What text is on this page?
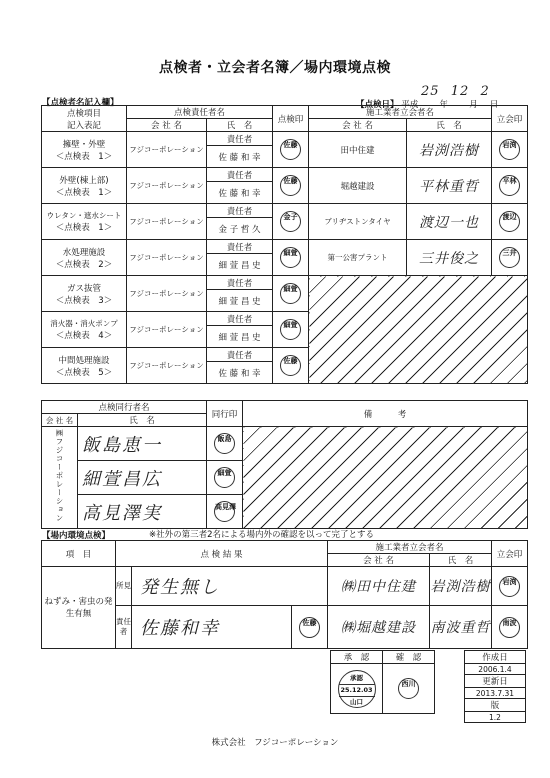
点検者・立会者名簿／場内環境点検
【点検者名記入欄】	【点検日】 平成 25年 12月 2日
点検項目
記入表記	点検責任者名		点検印	施工業者立会者名		立会印
	会 社 名	氏　名		会 社 名	氏　名	

擁壁・外壁
＜点検表　1＞	フジコーポレーション	責任者	佐藤	田中住建	岩渕浩樹	岩渕
		佐 藤 和 幸				

外壁(棟上部)
＜点検表　1＞	フジコーポレーション	責任者	佐藤	堀越建設	平林重哲	平林
		佐 藤 和 幸				

ウレタン・遮水シート
＜点検表　1＞	フジコーポレーション	責任者	金子	ブリヂストンタイヤ	渡辺一也	渡辺
		金 子 哲 久				

水処理施設
＜点検表　2＞	フジコーポレーション	責任者	細萱	第一公害プラント	三井俊之	三井
		細 萱 昌 史				

ガス抜管
＜点検表　3＞	フジコーポレーション	責任者	細萱			
		細 萱 昌 史				

消火器・消火ポンプ
＜点検表　4＞	フジコーポレーション	責任者	細萱			
		細 萱 昌 史				

中間処理施設
＜点検表　5＞	フジコーポレーション	責任者	佐藤			
		佐 藤 和 幸				
点検同行者名		同行印	備　　　考
会 社 名	氏　名		
㈱フジコーポレーション	飯島恵一	飯島	
	細萱昌広	細萱	
	高見澤実	高見澤	
【場内環境点検】	※社外の第三者2名による場内外の確認を以って完了とする
項　目	点 検 結 果			施工業者立会者名		立会印
				会 社 名	氏　名	
ねずみ・害虫の発生有無	所見	発生無し		㈱田中住建	岩渕浩樹	岩渕
	責任者	佐藤和幸	佐藤	㈱堀越建設	南波重哲	南波
承　認	確　認

承認
25.12.03
山口	西川
作成日
2006.1.4
更新日
2013.7.31
版
1.2
株式会社　フジコーポレーション
